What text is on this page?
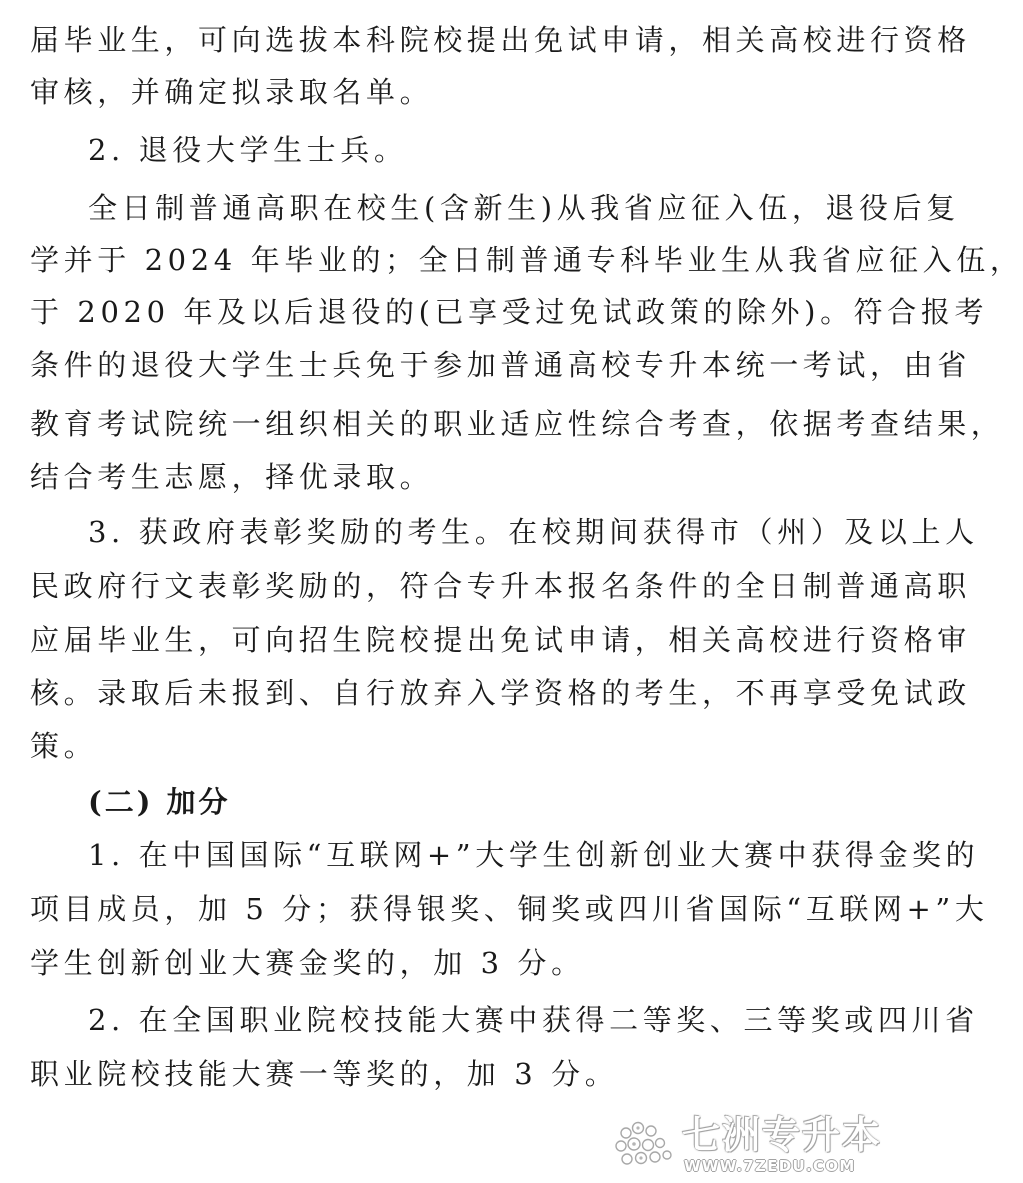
届毕业生，可向选拔本科院校提出免试申请，相关高校进行资格
审核，并确定拟录取名单。
2. 退役大学生士兵。
全日制普通高职在校生(含新生)从我省应征入伍，退役后复
学并于 2024 年毕业的；全日制普通专科毕业生从我省应征入伍，
于 2020 年及以后退役的(已享受过免试政策的除外)。符合报考
条件的退役大学生士兵免于参加普通高校专升本统一考试，由省
教育考试院统一组织相关的职业适应性综合考查，依据考查结果，
结合考生志愿，择优录取。
3. 获政府表彰奖励的考生。在校期间获得市（州）及以上人
民政府行文表彰奖励的，符合专升本报名条件的全日制普通高职
应届毕业生，可向招生院校提出免试申请，相关高校进行资格审
核。录取后未报到、自行放弃入学资格的考生，不再享受免试政
策。
(二) 加分
1. 在中国国际“互联网+”大学生创新创业大赛中获得金奖的
项目成员，加 5 分；获得银奖、铜奖或四川省国际“互联网+”大
学生创新创业大赛金奖的，加 3 分。
2. 在全国职业院校技能大赛中获得二等奖、三等奖或四川省
职业院校技能大赛一等奖的，加 3 分。
七洲专升本
WWW.7ZEDU.COM
